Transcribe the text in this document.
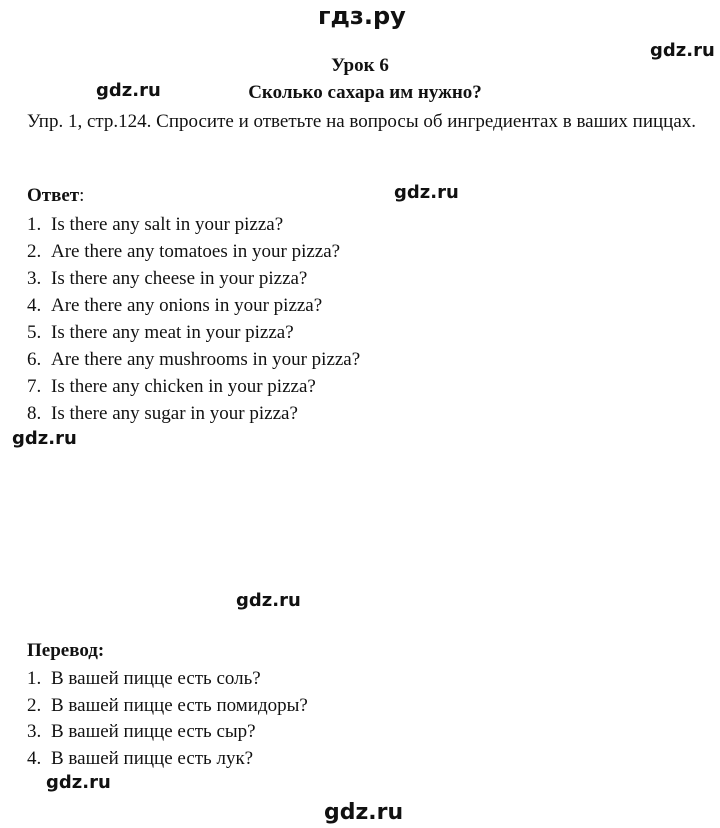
гдз.ру
gdz.ru
gdz.ru
Урок 6
Сколько сахара им нужно?
Упр. 1, стр.124. Спросите и ответьте на вопросы об ингредиентах в ваших пиццах.
Ответ:	gdz.ru
1. Is there any salt in your pizza?
2. Are there any tomatoes in your pizza?
3. Is there any cheese in your pizza?
4. Are there any onions in your pizza?
5. Is there any meat in your pizza?
6. Are there any mushrooms in your pizza?
7. Is there any chicken in your pizza?
8. Is there any sugar in your pizza?
gdz.ru
gdz.ru
Перевод:
1. В вашей пицце есть соль?
2. В вашей пицце есть помидоры?
3. В вашей пицце есть сыр?
4. В вашей пицце есть лук?
gdz.ru
gdz.ru
